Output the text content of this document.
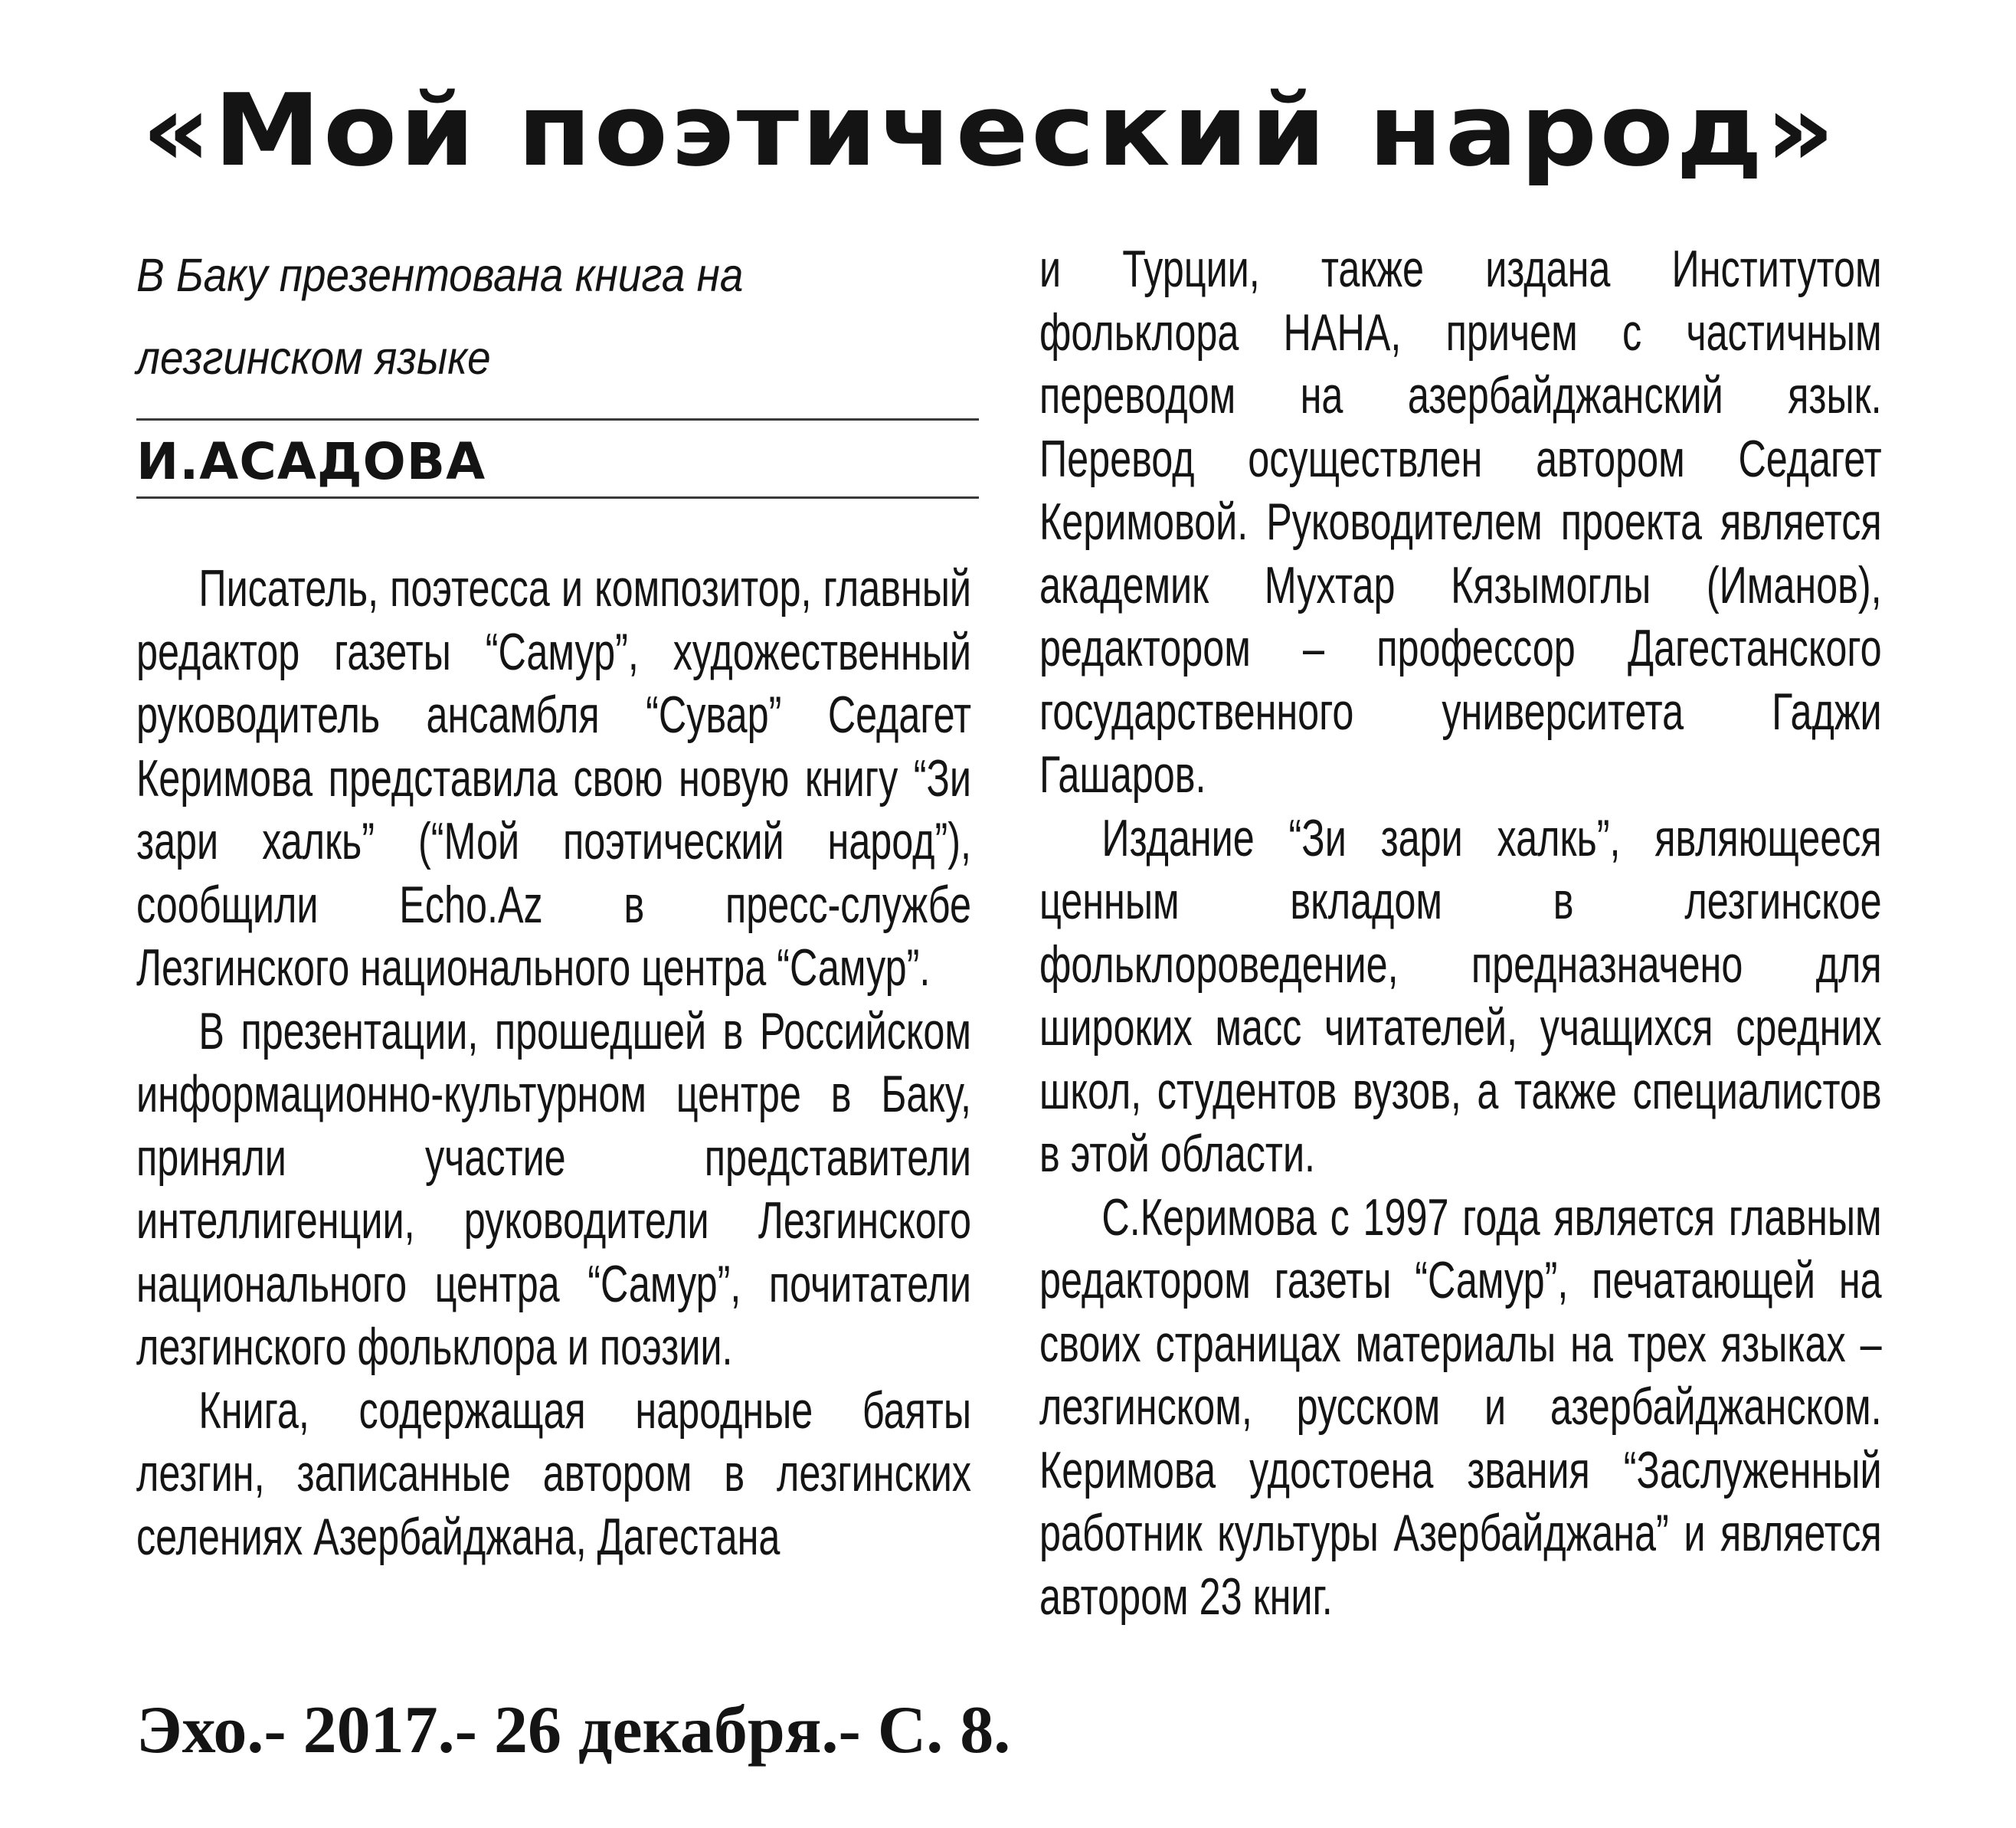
«Мой поэтический народ»

В Баку презентована книга на лезгинском языке

И.АСАДОВА

Писатель, поэтесса и композитор, главный редактор газеты “Самур”, художественный руководитель ансамбля “Сувар” Седагет Керимова представила свою новую книгу “Зи зари халкь” (“Мой поэтический народ”), сообщили Echo.Az в пресс-службе Лезгинского национального центра “Самур”.

В презентации, прошедшей в Российском информационно-культурном центре в Баку, приняли участие представители интеллигенции, руководители Лезгинского национального центра “Самур”, почитатели лезгинского фольклора и поэзии.

Книга, содержащая народные баяты лезгин, записанные автором в лезгинских селениях Азербайджана, Дагестана

и Турции, также издана Институтом фольклора НАНА, причем с частичным переводом на азербайджанский язык. Перевод осуществлен автором Седагет Керимовой. Руководителем проекта является академик Мухтар Кязымоглы (Иманов), редактором – профессор Дагестанского государственного университета Гаджи Гашаров.

Издание “Зи зари халкь”, являющееся ценным вкладом в лезгинское фольклороведение, предназначено для широких масс читателей, учащихся средних школ, студентов вузов, а также специалистов в этой области.

С.Керимова с 1997 года является главным редактором газеты “Самур”, печатающей на своих страницах материалы на трех языках – лезгинском, русском и азербайджанском. Керимова удостоена звания “Заслуженный работник культуры Азербайджана” и является автором 23 книг.

Эхо.- 2017.- 26 декабря.- С. 8.
